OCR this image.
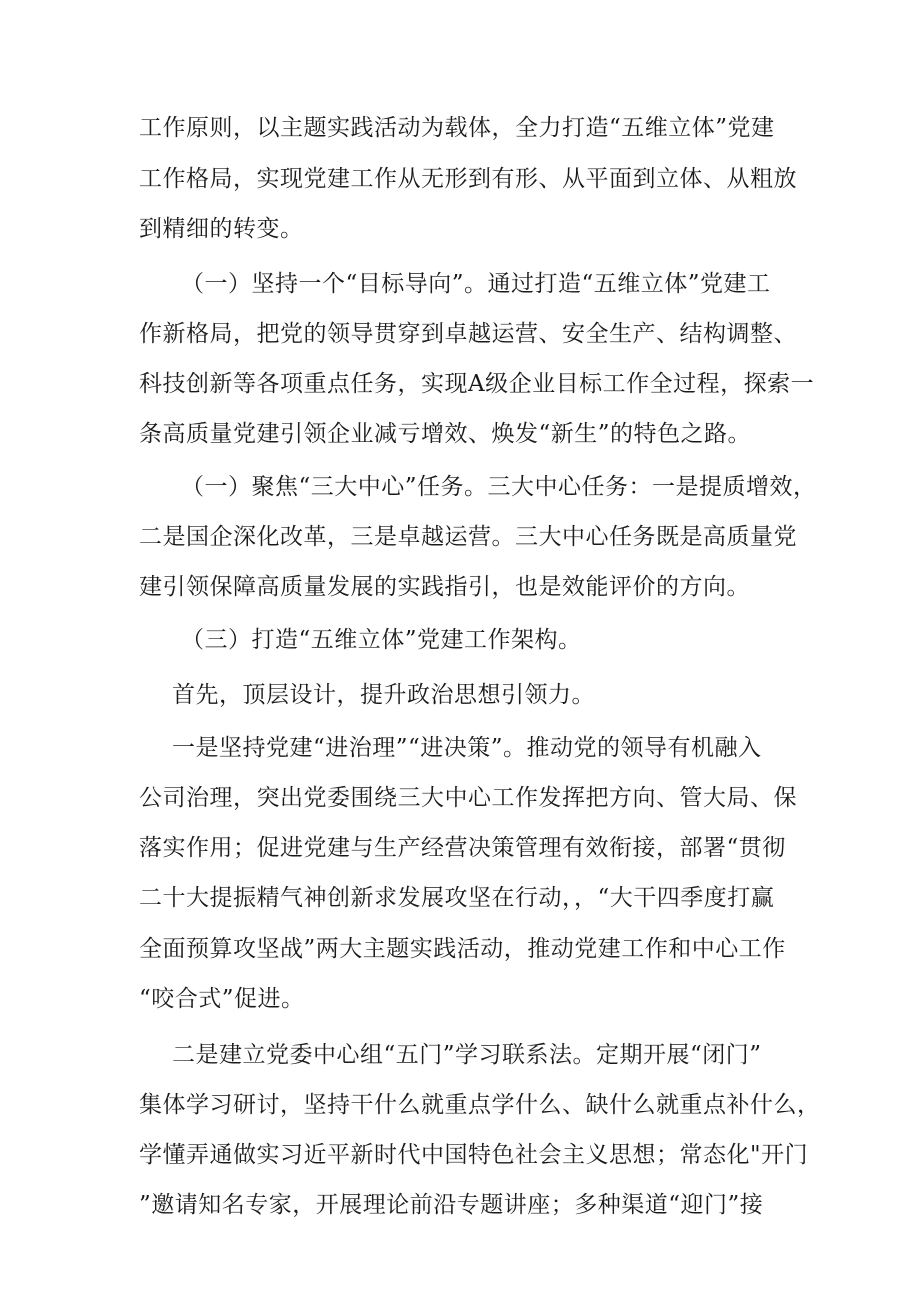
工作原则，以主题实践活动为载体，全力打造“五维立体”党建
工作格局，实现党建工作从无形到有形、从平面到立体、从粗放
到精细的转变。
（一）坚持一个“目标导向”。通过打造“五维立体”党建工
作新格局，把党的领导贯穿到卓越运营、安全生产、结构调整、
科技创新等各项重点任务，实现A级企业目标工作全过程，探索一
条高质量党建引领企业减亏增效、焕发“新生”的特色之路。
（一）聚焦“三大中心”任务。三大中心任务：一是提质增效，
二是国企深化改革，三是卓越运营。三大中心任务既是高质量党
建引领保障高质量发展的实践指引，也是效能评价的方向。
（三）打造“五维立体”党建工作架构。
首先，顶层设计，提升政治思想引领力。
一是坚持党建“进治理”“进决策”。推动党的领导有机融入
公司治理，突出党委围绕三大中心工作发挥把方向、管大局、保
落实作用；促进党建与生产经营决策管理有效衔接，部署“贯彻
二十大提振精气神创新求发展攻坚在行动，，“大干四季度打赢
全面预算攻坚战”两大主题实践活动，推动党建工作和中心工作
“咬合式”促进。
二是建立党委中心组“五门”学习联系法。定期开展“闭门”
集体学习研讨，坚持干什么就重点学什么、缺什么就重点补什么，
学懂弄通做实习近平新时代中国特色社会主义思想；常态化"开门
”邀请知名专家，开展理论前沿专题讲座；多种渠道“迎门”接
